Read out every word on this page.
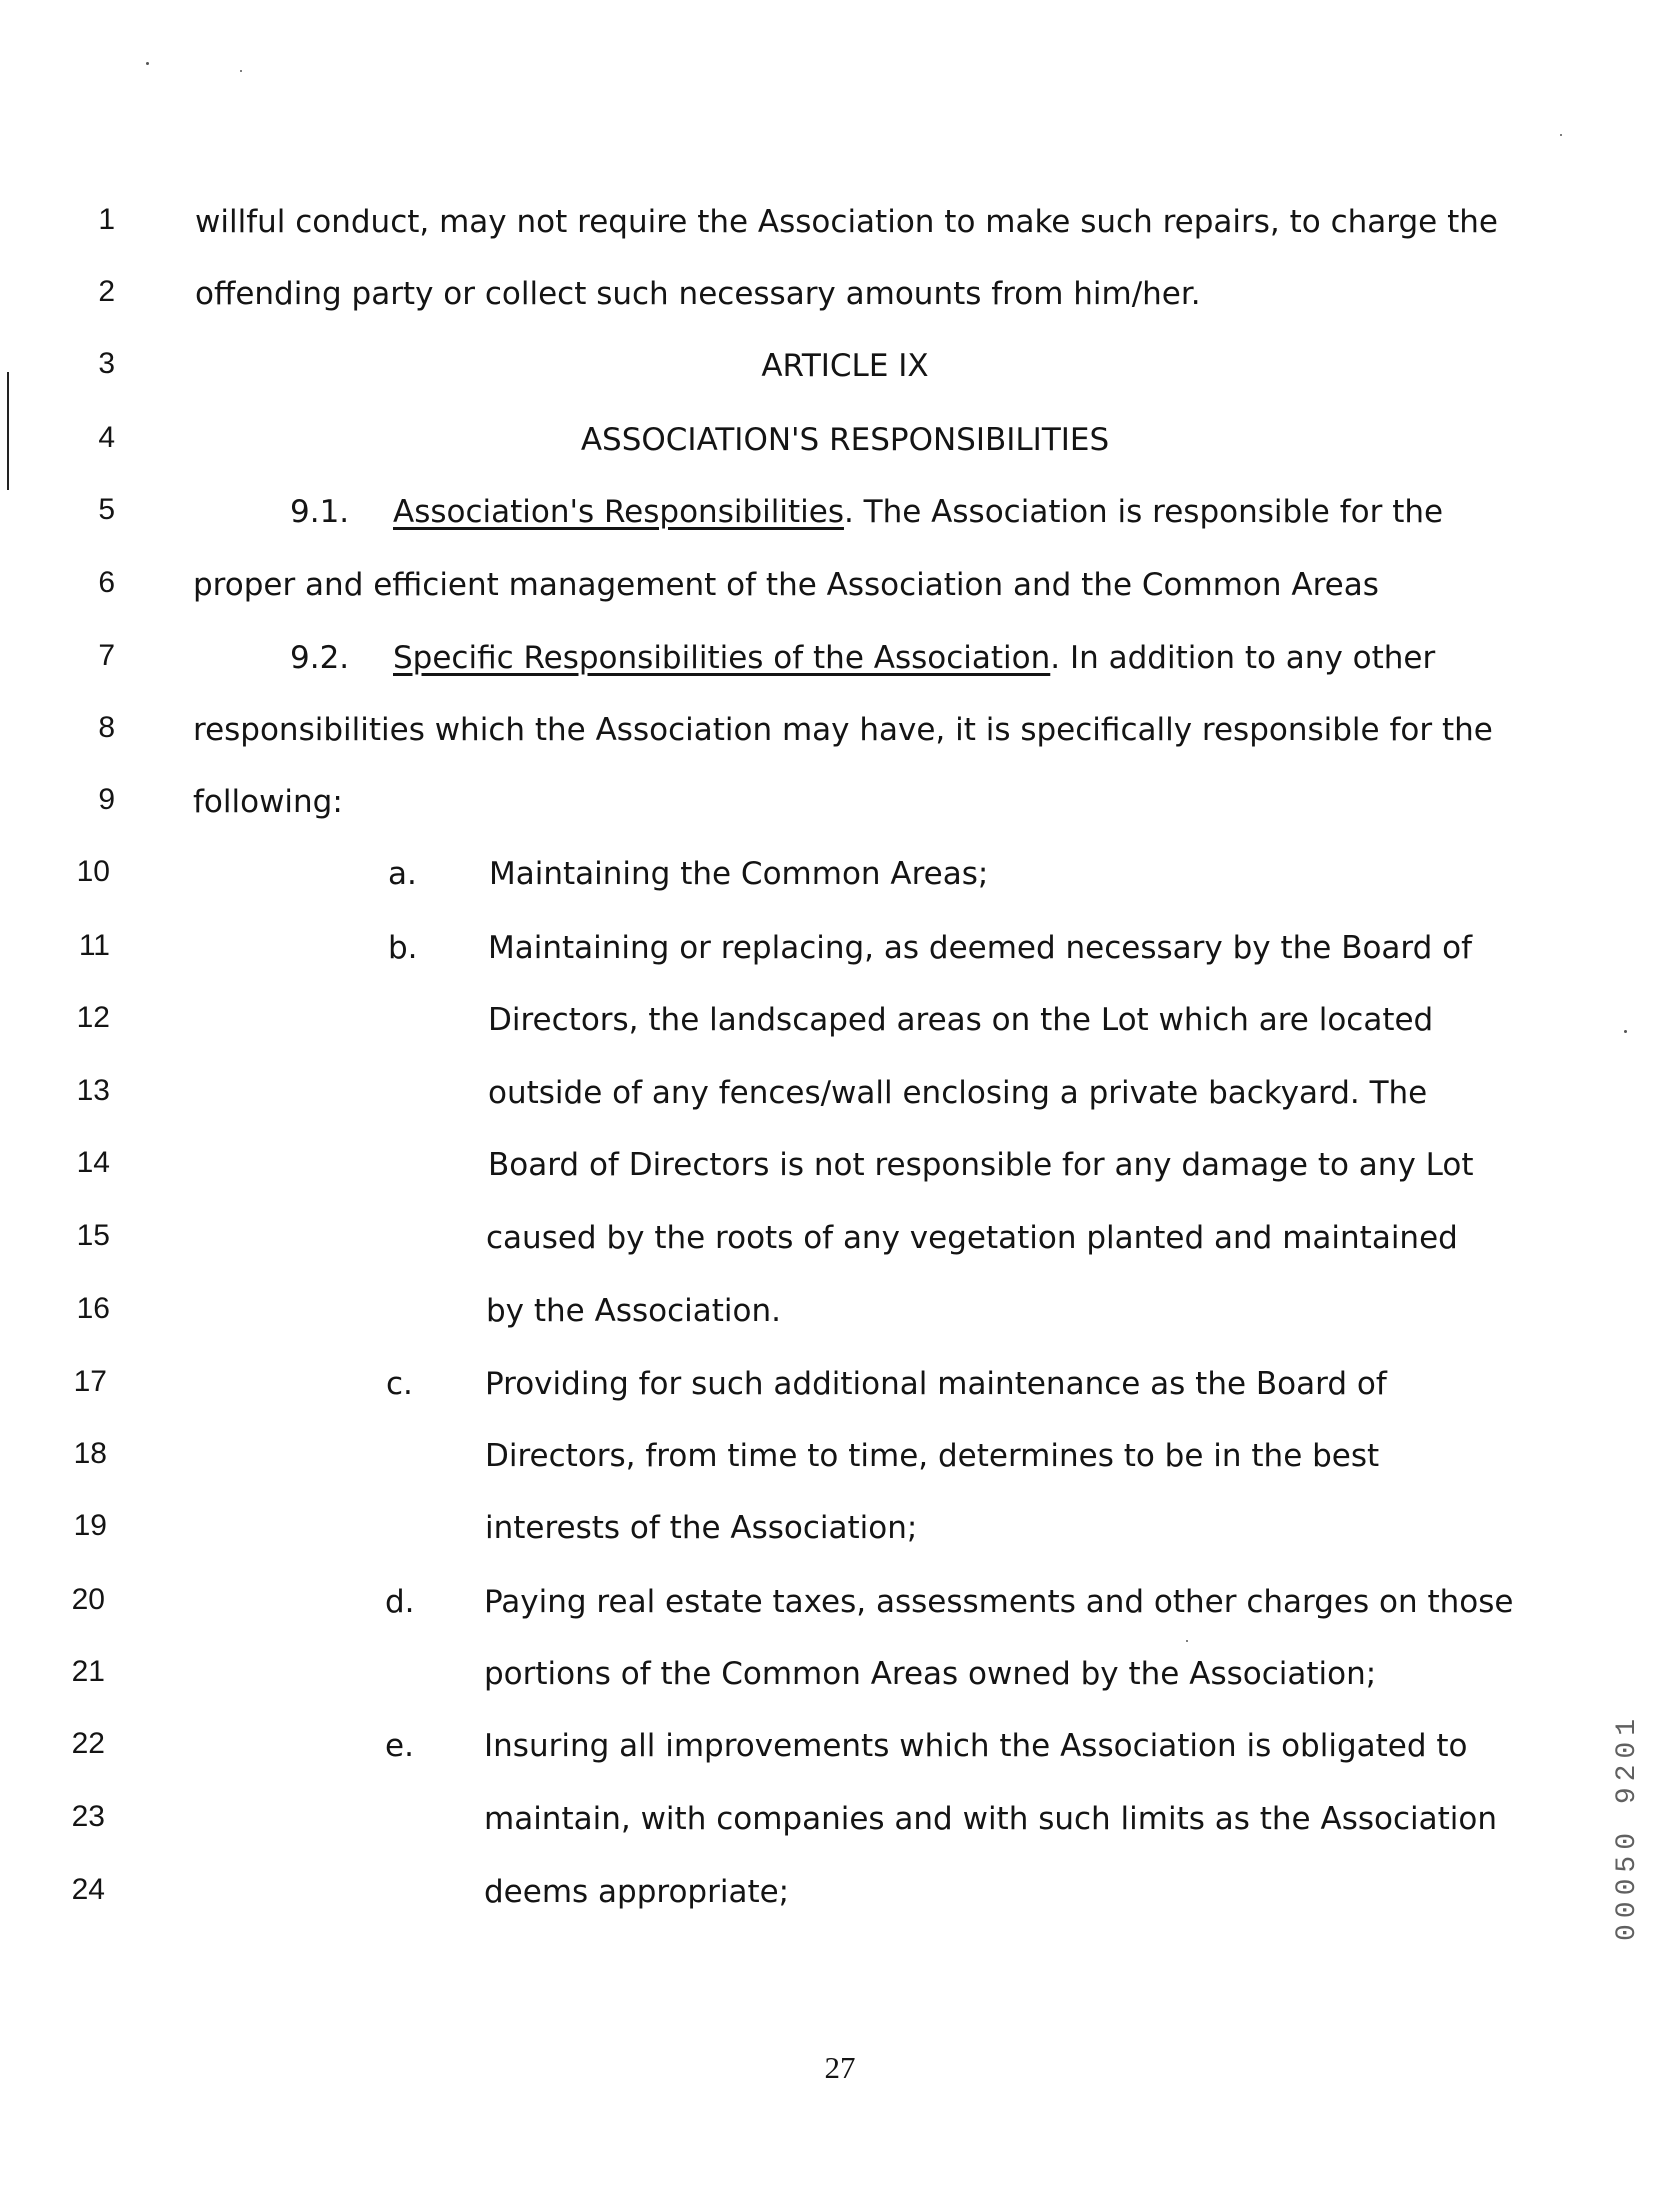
1
2
3
4
5
6
7
8
9
10
11
12
13
14
15
16
17
18
19
20
21
22
23
24
willful conduct, may not require the Association to make such repairs, to charge the
offending party or collect such necessary amounts from him/her.
ARTICLE IX
ASSOCIATION'S RESPONSIBILITIES
9.1. Association's Responsibilities. The Association is responsible for the
proper and efficient management of the Association and the Common Areas
9.2. Specific Responsibilities of the Association. In addition to any other
responsibilities which the Association may have, it is specifically responsible for the
following:
a. Maintaining the Common Areas;
b. Maintaining or replacing, as deemed necessary by the Board of
Directors, the landscaped areas on the Lot which are located
outside of any fences/wall enclosing a private backyard. The
Board of Directors is not responsible for any damage to any Lot
caused by the roots of any vegetation planted and maintained
by the Association.
c. Providing for such additional maintenance as the Board of
Directors, from time to time, determines to be in the best
interests of the Association;
d. Paying real estate taxes, assessments and other charges on those
portions of the Common Areas owned by the Association;
e. Insuring all improvements which the Association is obligated to
maintain, with companies and with such limits as the Association
deems appropriate;
27
00050 9201
